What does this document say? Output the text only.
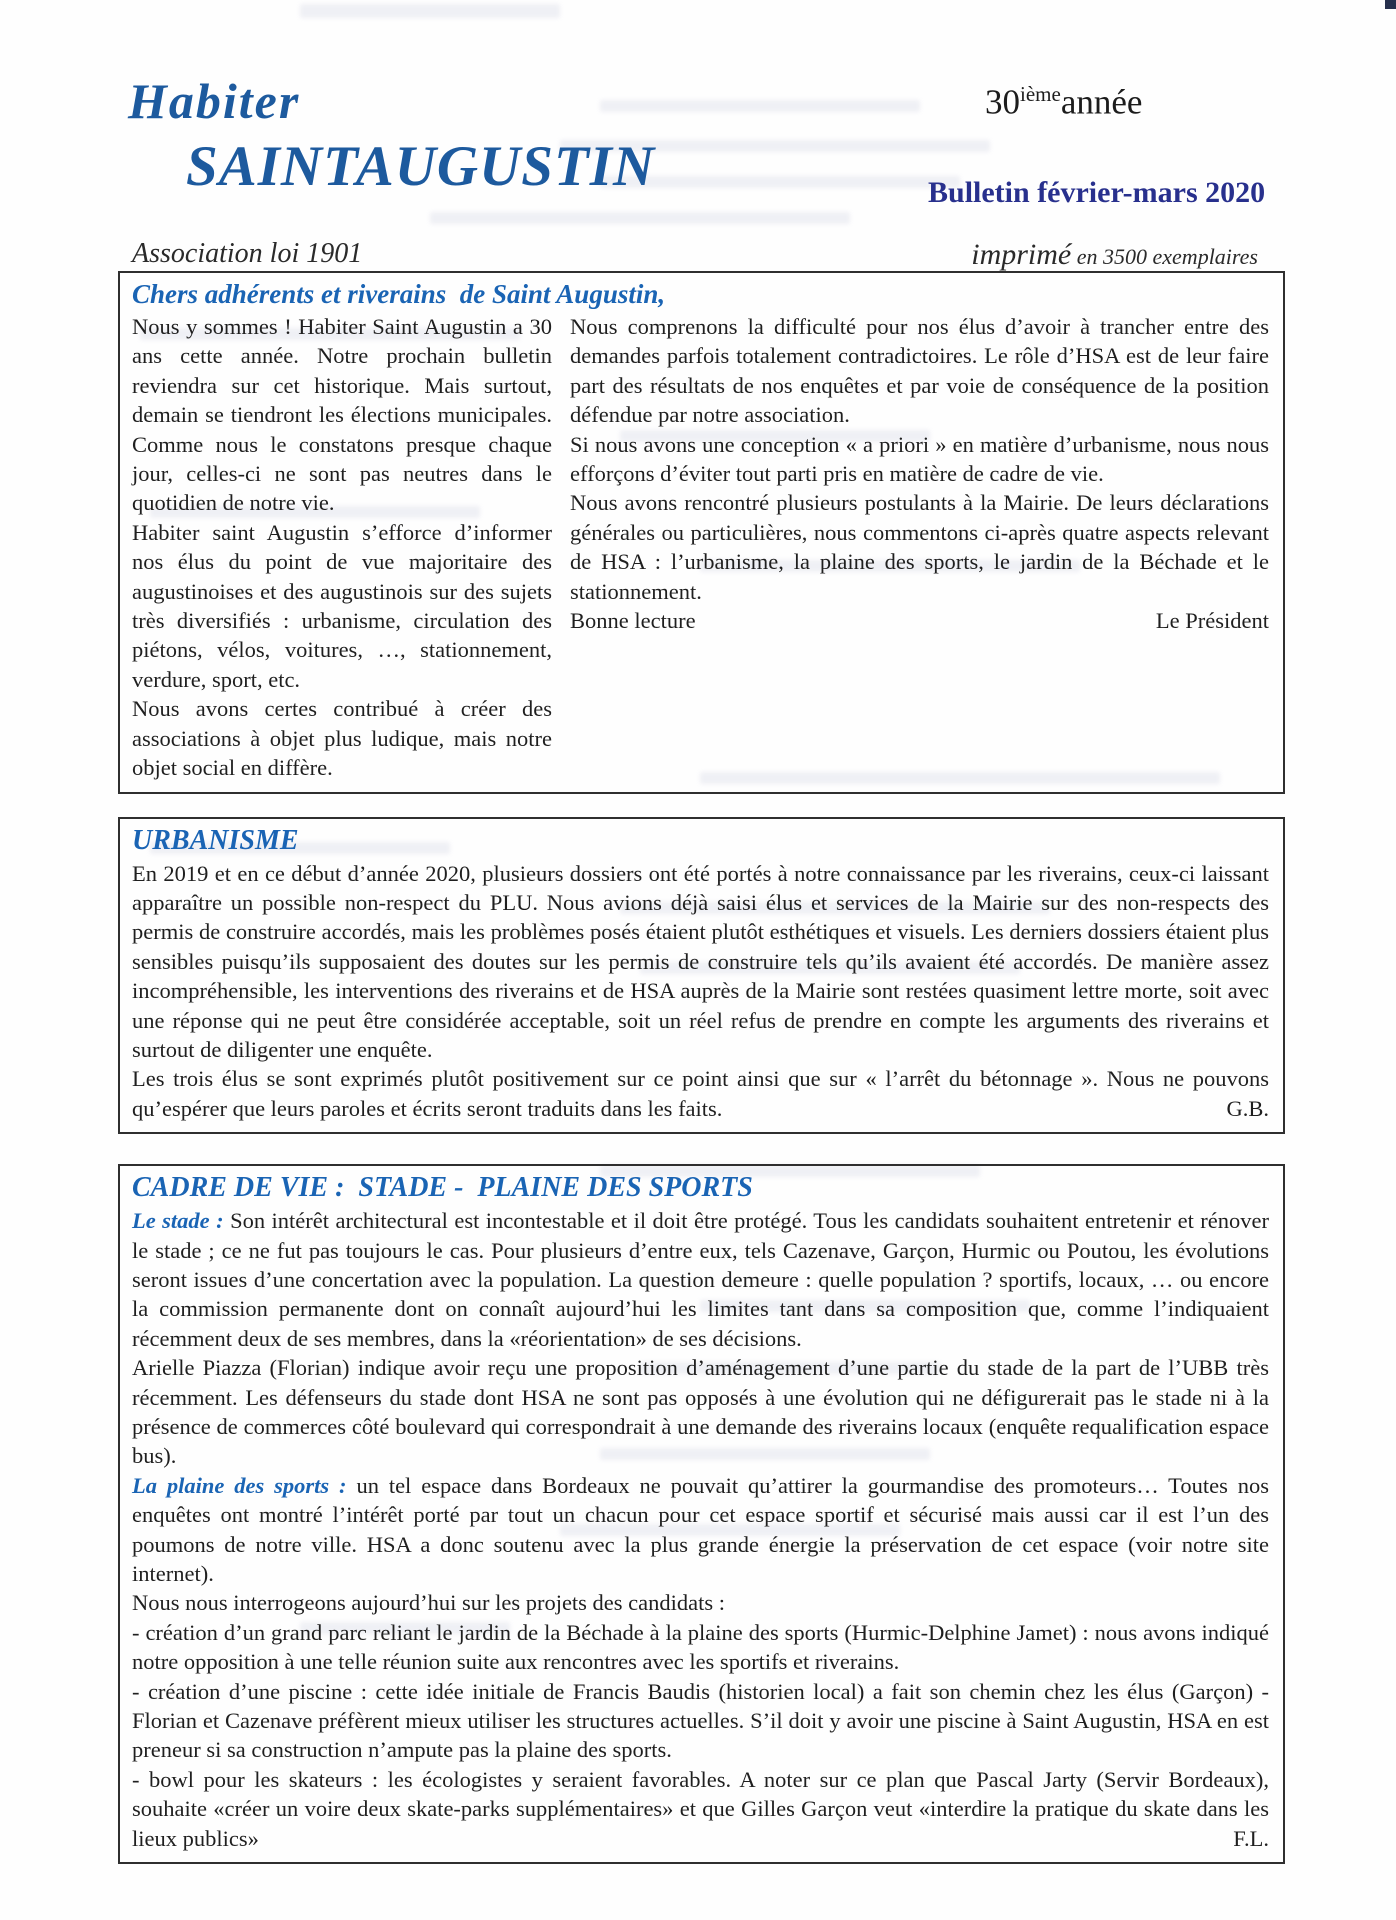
Habiter
SAINTAUGUSTIN
30ièmeannée
Bulletin février-mars 2020
Association loi 1901	imprimé en 3500 exemplaires
Chers adhérents et riverains  de Saint Augustin,

Nous y sommes ! Habiter Saint Augustin a 30 ans cette année. Notre prochain bulletin reviendra sur cet historique. Mais surtout, demain se tiendront les élections municipales. Comme nous le constatons presque chaque jour, celles-ci ne sont pas neutres dans le quotidien de notre vie.

Habiter saint Augustin s’efforce d’informer nos élus du point de vue majoritaire des augustinoises et des augustinois sur des sujets très diversifiés : urbanisme, circulation des piétons, vélos, voitures, …, stationnement, verdure, sport, etc.

Nous avons certes contribué à créer des associations à objet plus ludique, mais notre objet social en diffère.

Nous comprenons la difficulté pour nos élus d’avoir à trancher entre des demandes parfois totalement contradictoires. Le rôle d’HSA est de leur faire part des résultats de nos enquêtes et par voie de conséquence de la position défendue par notre association.

Si nous avons une conception « a priori » en matière d’urbanisme, nous nous efforçons d’éviter tout parti pris en matière de cadre de vie.

Nous avons rencontré plusieurs postulants à la Mairie. De leurs déclarations générales ou particulières, nous commentons ci-après quatre aspects relevant de HSA : l’urbanisme, la plaine des sports, le jardin de la Béchade et le stationnement.

Bonne lecture	Le Président
URBANISME

En 2019 et en ce début d’année 2020, plusieurs dossiers ont été portés à notre connaissance par les riverains, ceux-ci laissant apparaître un possible non-respect du PLU. Nous avions déjà saisi élus et services de la Mairie sur des non-respects des permis de construire accordés, mais les problèmes posés étaient plutôt esthétiques et visuels. Les derniers dossiers étaient plus sensibles puisqu’ils supposaient des doutes sur les permis de construire tels qu’ils avaient été accordés. De manière assez incompréhensible, les interventions des riverains et de HSA auprès de la Mairie sont restées quasiment lettre morte, soit avec une réponse qui ne peut être considérée acceptable, soit un réel refus de prendre en compte les arguments des riverains et surtout de diligenter une enquête.

Les trois élus se sont exprimés plutôt positivement sur ce point ainsi que sur « l’arrêt du bétonnage ». Nous ne pouvons qu’espérer que leurs paroles et écrits seront traduits dans les faits.	G.B.

CADRE DE VIE :  STADE -  PLAINE DES SPORTS

Le stade : Son intérêt architectural est incontestable et il doit être protégé. Tous les candidats souhaitent entretenir et rénover le stade ; ce ne fut pas toujours le cas. Pour plusieurs d’entre eux, tels Cazenave, Garçon, Hurmic ou Poutou, les évolutions seront issues d’une concertation avec la population. La question demeure : quelle population ? sportifs, locaux, … ou encore la commission permanente dont on connaît aujourd’hui les limites tant dans sa composition que, comme l’indiquaient récemment deux de ses membres, dans la «réorientation» de ses décisions.

Arielle Piazza (Florian) indique avoir reçu une proposition d’aménagement d’une partie du stade de la part de l’UBB très récemment. Les défenseurs du stade dont HSA ne sont pas opposés à une évolution qui ne défigurerait pas le stade ni à la présence de commerces côté boulevard qui correspondrait à une demande des riverains locaux (enquête requalification espace bus).

La plaine des sports : un tel espace dans Bordeaux ne pouvait qu’attirer la gourmandise des promoteurs… Toutes nos enquêtes ont montré l’intérêt porté par tout un chacun pour cet espace sportif et sécurisé mais aussi car il est l’un des poumons de notre ville. HSA a donc soutenu avec la plus grande énergie la préservation de cet espace (voir notre site internet).

Nous nous interrogeons aujourd’hui sur les projets des candidats :

- création d’un grand parc reliant le jardin de la Béchade à la plaine des sports (Hurmic-Delphine Jamet) : nous avons indiqué notre opposition à une telle réunion suite aux rencontres avec les sportifs et riverains.

- création d’une piscine : cette idée initiale de Francis Baudis (historien local) a fait son chemin chez les élus (Garçon) - Florian et Cazenave préfèrent mieux utiliser les structures actuelles. S’il doit y avoir une piscine à Saint Augustin, HSA en est preneur si sa construction n’ampute pas la plaine des sports.

- bowl pour les skateurs : les écologistes y seraient favorables. A noter sur ce plan que Pascal Jarty (Servir Bordeaux), souhaite «créer un voire deux skate-parks supplémentaires» et que Gilles Garçon veut «interdire la pratique du skate dans les lieux publics»	F.L.
